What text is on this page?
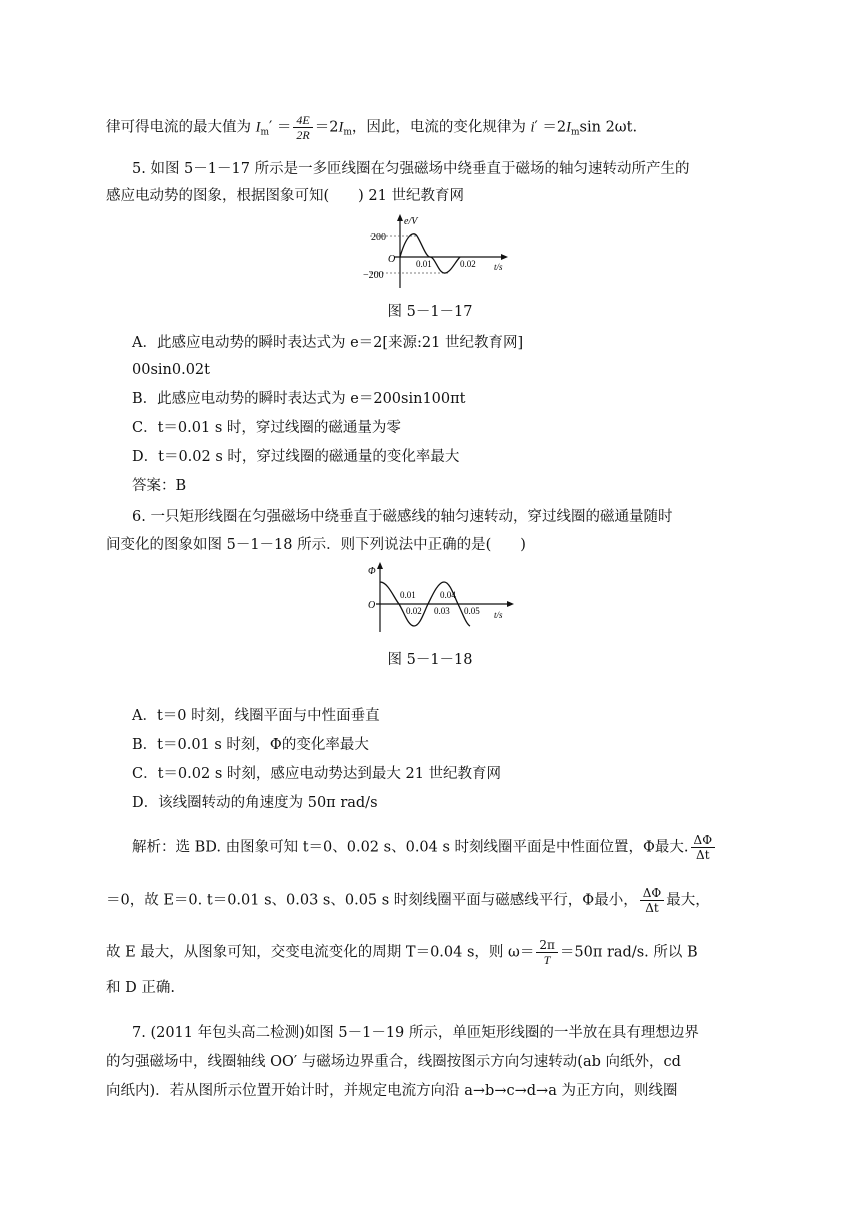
律可得电流的最大值为 $I_m' = \frac{4E}{2R} =2I_m$，因此，电流的变化规律为 $i' =2I_m\sin$ 2ωt.
5. 如图 5－1－17 所示是一多匝线圈在匀强磁场中绕垂直于磁场的轴匀速转动所产生的
感应电动势的图象，根据图象可知(　　) 21 世纪教育网
e/V
200
−200
O 0.01	0.02 t/s
图 5－1－17
A．此感应电动势的瞬时表达式为 e＝2[来源:21 世纪教育网]
00sin0.02t
B．此感应电动势的瞬时表达式为 e＝200sin100πt
C．t＝0.01 s 时，穿过线圈的磁通量为零
D．t＝0.02 s 时，穿过线圈的磁通量的变化率最大
答案：B
6. 一只矩形线圈在匀强磁场中绕垂直于磁感线的轴匀速转动，穿过线圈的磁通量随时
间变化的图象如图 5－1－18 所示．则下列说法中正确的是(　　)
Φ
O
0.01
0.02 0.03
0.04
0.05 t/s
图 5－1－18
A．t＝0 时刻，线圈平面与中性面垂直
B．t＝0.01 s 时刻，Φ的变化率最大
C．t＝0.02 s 时刻，感应电动势达到最大 21 世纪教育网
D．该线圈转动的角速度为 50π rad/s
解析：选 BD. 由图象可知 t＝0、0.02 s、0.04 s 时刻线圈平面是中性面位置，Φ最大. $\frac{\Delta\Phi}{\Delta t}$
＝0，故 E＝0. t＝0.01 s、0.03 s、0.05 s 时刻线圈平面与磁感线平行，Φ最小， $\frac{\Delta\Phi}{\Delta t}$ 最大，
故 E 最大，从图象可知，交变电流变化的周期 T＝0.04 s，则 $\omega= \frac{2\pi}{T} =50\pi$ rad/s. 所以 B
和 D 正确.
7. (2011 年包头高二检测)如图 5－1－19 所示，单匝矩形线圈的一半放在具有理想边界
的匀强磁场中，线圈轴线 OO′ 与磁场边界重合，线圈按图示方向匀速转动(ab 向纸外，cd
向纸内)．若从图所示位置开始计时，并规定电流方向沿 a→b→c→d→a 为正方向，则线圈
